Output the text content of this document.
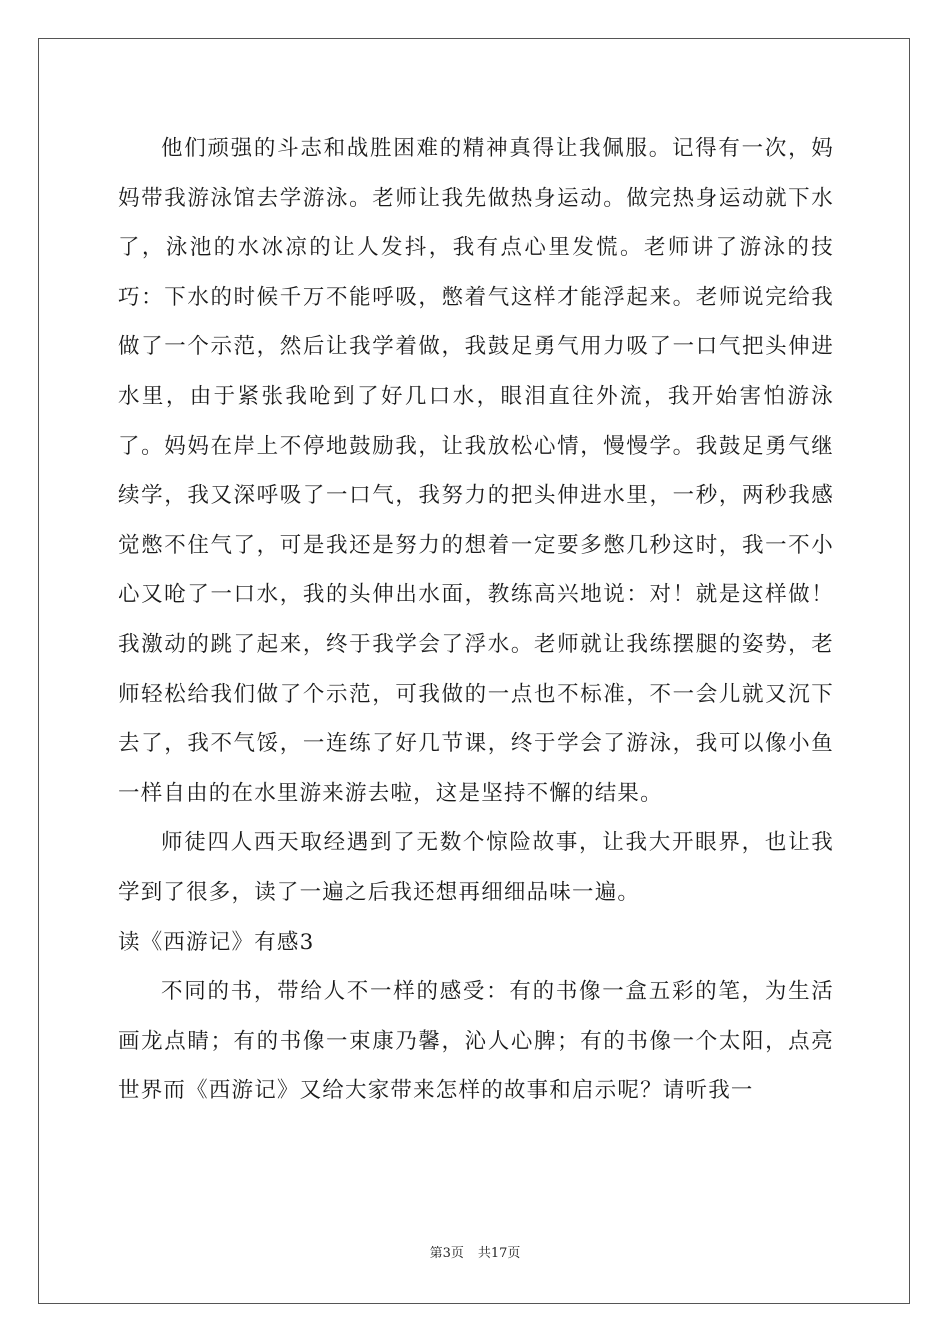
他们顽强的斗志和战胜困难的精神真得让我佩服。记得有一次，妈妈带我游泳馆去学游泳。老师让我先做热身运动。做完热身运动就下水了，泳池的水冰凉的让人发抖，我有点心里发慌。老师讲了游泳的技巧：下水的时候千万不能呼吸，憋着气这样才能浮起来。老师说完给我做了一个示范，然后让我学着做，我鼓足勇气用力吸了一口气把头伸进水里，由于紧张我呛到了好几口水，眼泪直往外流，我开始害怕游泳了。妈妈在岸上不停地鼓励我，让我放松心情，慢慢学。我鼓足勇气继续学，我又深呼吸了一口气，我努力的把头伸进水里，一秒，两秒我感觉憋不住气了，可是我还是努力的想着一定要多憋几秒这时，我一不小心又呛了一口水，我的头伸出水面，教练高兴地说：对！就是这样做！我激动的跳了起来，终于我学会了浮水。老师就让我练摆腿的姿势，老师轻松给我们做了个示范，可我做的一点也不标准，不一会儿就又沉下去了，我不气馁，一连练了好几节课，终于学会了游泳，我可以像小鱼一样自由的在水里游来游去啦，这是坚持不懈的结果。

师徒四人西天取经遇到了无数个惊险故事，让我大开眼界，也让我学到了很多，读了一遍之后我还想再细细品味一遍。

读《西游记》有感3

不同的书，带给人不一样的感受：有的书像一盒五彩的笔，为生活画龙点睛；有的书像一束康乃馨，沁人心脾；有的书像一个太阳，点亮世界而《西游记》又给大家带来怎样的故事和启示呢？请听我一

第3页 共17页
